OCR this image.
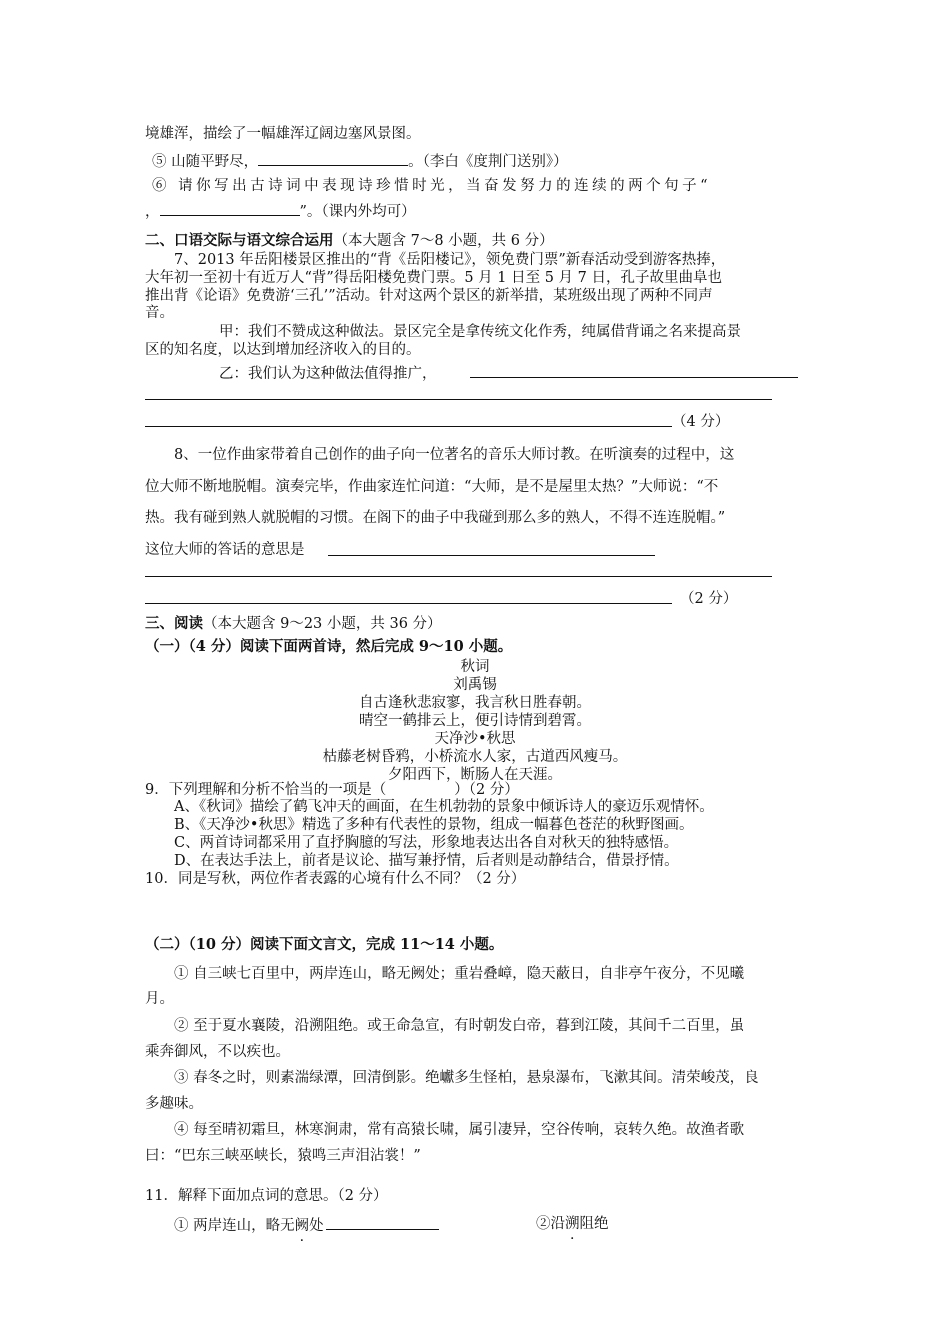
境雄浑，描绘了一幅雄浑辽阔边塞风景图。
⑤ 山随平野尽，	。（李白《度荆门送别》）
⑥ 请你写出古诗词中表现诗珍惜时光，当奋发努力的连续的两个句子“
，	”。（课内外均可）
二、口语交际与语文综合运用（本大题含 7～8 小题，共 6 分）
7、2013 年岳阳楼景区推出的“背《岳阳楼记》，领免费门票”新春活动受到游客热捧，
大年初一至初十有近万人“背”得岳阳楼免费门票。5 月 1 日至 5 月 7 日，孔子故里曲阜也
推出背《论语》免费游‘三孔’”活动。针对这两个景区的新举措，某班级出现了两种不同声
音。
甲：我们不赞成这种做法。景区完全是拿传统文化作秀，纯属借背诵之名来提高景
区的知名度，以达到增加经济收入的目的。
乙：我们认为这种做法值得推广，
（4 分）
8、一位作曲家带着自己创作的曲子向一位著名的音乐大师讨教。在听演奏的过程中，这
位大师不断地脱帽。演奏完毕，作曲家连忙问道：“大师，是不是屋里太热？”大师说：“不
热。我有碰到熟人就脱帽的习惯。在阁下的曲子中我碰到那么多的熟人，不得不连连脱帽。”
这位大师的答话的意思是
（2 分）
三、阅读（本大题含 9～23 小题，共 36 分）
（一）（4 分）阅读下面两首诗，然后完成 9～10 小题。
秋词
刘禹锡
自古逢秋悲寂寥，我言秋日胜春朝。
晴空一鹤排云上，便引诗情到碧霄。
天净沙•秋思
枯藤老树昏鸦，小桥流水人家，古道西风瘦马。
夕阳西下，断肠人在天涯。
9．下列理解和分析不恰当的一项是（	）（2 分）
A、《秋词》描绘了鹤飞冲天的画面，在生机勃勃的景象中倾诉诗人的豪迈乐观情怀。
B、《天净沙•秋思》精选了多种有代表性的景物，组成一幅暮色苍茫的秋野图画。
C、两首诗词都采用了直抒胸臆的写法，形象地表达出各自对秋天的独特感悟。
D、在表达手法上，前者是议论、描写兼抒情，后者则是动静结合，借景抒情。
10．同是写秋，两位作者表露的心境有什么不同？（2 分）
（二）（10 分）阅读下面文言文，完成 11～14 小题。
① 自三峡七百里中，两岸连山，略无阙处；重岩叠嶂，隐天蔽日，自非亭午夜分，不见曦
月。
② 至于夏水襄陵，沿溯阻绝。或王命急宣，有时朝发白帝，暮到江陵，其间千二百里，虽
乘奔御风，不以疾也。
③ 春冬之时，则素湍绿潭，回清倒影。绝巘多生怪柏，悬泉瀑布，飞漱其间。清荣峻茂，良
多趣味。
④ 每至晴初霜旦，林寒涧肃，常有高猿长啸，属引凄异，空谷传响，哀转久绝。故渔者歌
曰：“巴东三峡巫峡长，猿鸣三声泪沾裳！”
11．解释下面加点词的意思。（2 分）
① 两岸连山，略无阙处	②沿溯阻绝
